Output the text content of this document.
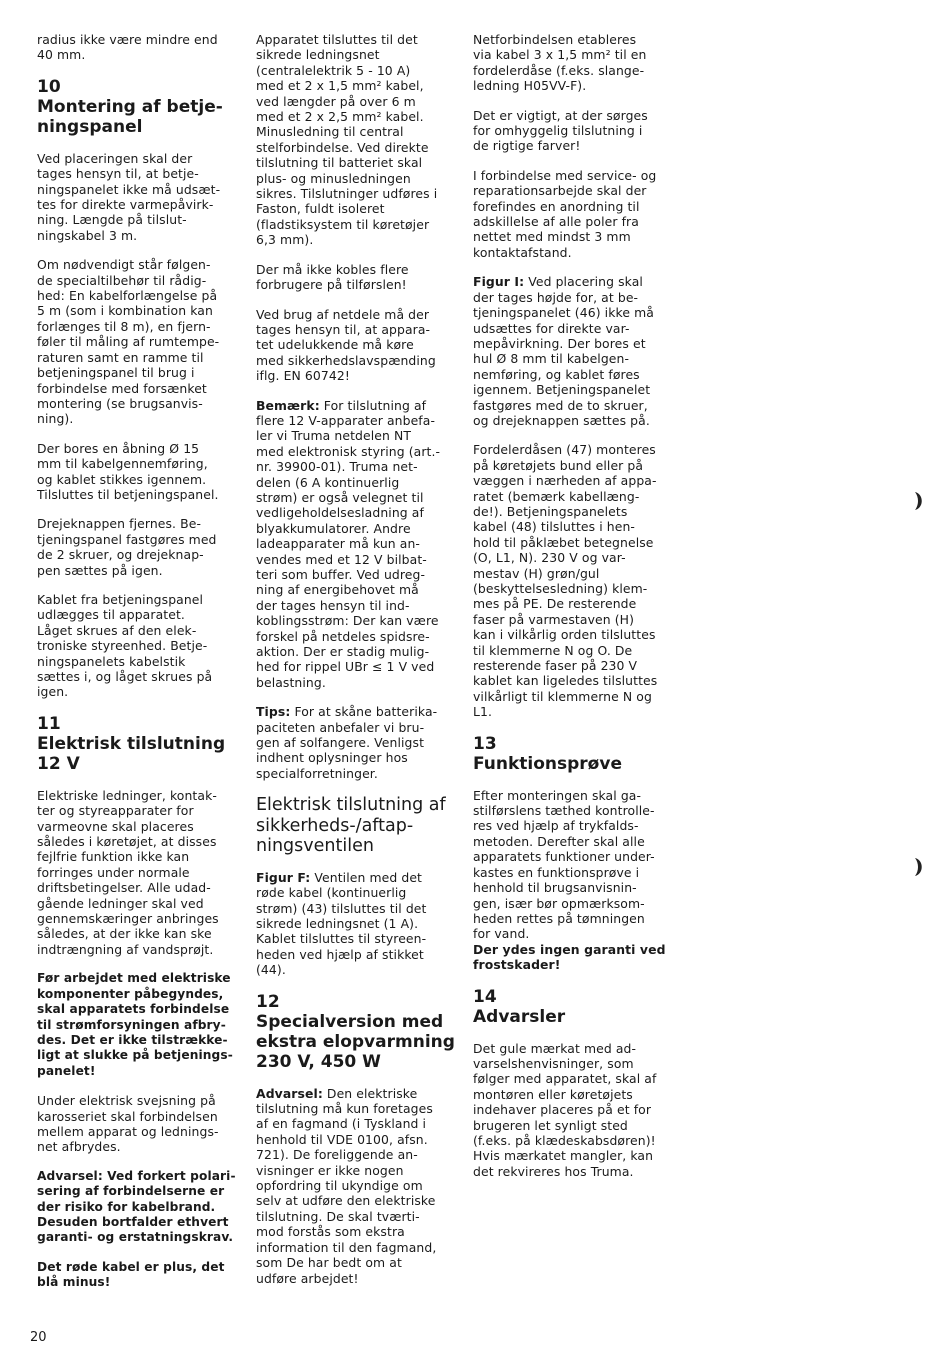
radius ikke være mindre end
40 mm.

10
Montering af betje-
ningspanel

Ved placeringen skal der
tages hensyn til, at betje-
ningspanelet ikke må udsæt-
tes for direkte varmepåvirk-
ning. Længde på tilslut-
ningskabel 3 m.

Om nødvendigt står følgen-
de specialtilbehør til rådig-
hed: En kabelforlængelse på
5 m (som i kombination kan
forlænges til 8 m), en fjern-
føler til måling af rumtempe-
raturen samt en ramme til
betjeningspanel til brug i
forbindelse med forsænket
montering (se brugsanvis-
ning).

Der bores en åbning Ø 15
mm til kabelgennemføring,
og kablet stikkes igennem.
Tilsluttes til betjeningspanel.

Drejeknappen fjernes. Be-
tjeningspanel fastgøres med
de 2 skruer, og drejeknap-
pen sættes på igen.

Kablet fra betjeningspanel
udlægges til apparatet.
Låget skrues af den elek-
troniske styreenhed. Betje-
ningspanelets kabelstik
sættes i, og låget skrues på
igen.

11
Elektrisk tilslutning
12 V

Elektriske ledninger, kontak-
ter og styreapparater for
varmeovne skal placeres
således i køretøjet, at disses
fejlfrie funktion ikke kan
forringes under normale
driftsbetingelser. Alle udad-
gående ledninger skal ved
gennemskæringer anbringes
således, at der ikke kan ske
indtrængning af vandsprøjt.

Før arbejdet med elektriske
komponenter påbegyndes,
skal apparatets forbindelse
til strømforsyningen afbry-
des. Det er ikke tilstrække-
ligt at slukke på betjenings-
panelet!

Under elektrisk svejsning på
karosseriet skal forbindelsen
mellem apparat og lednings-
net afbrydes.

Advarsel: Ved forkert polari-
sering af forbindelserne er
der risiko for kabelbrand.
Desuden bortfalder ethvert
garanti- og erstatningskrav.

Det røde kabel er plus, det
blå minus!

Apparatet tilsluttes til det
sikrede ledningsnet
(centralelektrik 5 - 10 A)
med et 2 x 1,5 mm² kabel,
ved længder på over 6 m
med et 2 x 2,5 mm² kabel.
Minusledning til central
stelforbindelse. Ved direkte
tilslutning til batteriet skal
plus- og minusledningen
sikres. Tilslutninger udføres i
Faston, fuldt isoleret
(fladstiksystem til køretøjer
6,3 mm).

Der må ikke kobles flere
forbrugere på tilførslen!

Ved brug af netdele må der
tages hensyn til, at appara-
tet udelukkende må køre
med sikkerhedslavspænding
iflg. EN 60742!

Bemærk: For tilslutning af
flere 12 V-apparater anbefa-
ler vi Truma netdelen NT
med elektronisk styring (art.-
nr. 39900-01). Truma net-
delen (6 A kontinuerlig
strøm) er også velegnet til
vedligeholdelsesladning af
blyakkumulatorer. Andre
ladeapparater må kun an-
vendes med et 12 V bilbat-
teri som buffer. Ved udreg-
ning af energibehovet må
der tages hensyn til ind-
koblingsstrøm: Der kan være
forskel på netdeles spidsre-
aktion. Der er stadig mulig-
hed for rippel UBr ≤ 1 V ved
belastning.

Tips: For at skåne batterika-
paciteten anbefaler vi bru-
gen af solfangere. Venligst
indhent oplysninger hos
specialforretninger.

Elektrisk tilslutning af
sikkerheds-/aftap-
ningsventilen

Figur F: Ventilen med det
røde kabel (kontinuerlig
strøm) (43) tilsluttes til det
sikrede ledningsnet (1 A).
Kablet tilsluttes til styreen-
heden ved hjælp af stikket
(44).

12
Specialversion med
ekstra elopvarmning
230 V, 450 W

Advarsel: Den elektriske
tilslutning må kun foretages
af en fagmand (i Tyskland i
henhold til VDE 0100, afsn.
721). De foreliggende an-
visninger er ikke nogen
opfordring til ukyndige om
selv at udføre den elektriske
tilslutning. De skal tværti-
mod forstås som ekstra
information til den fagmand,
som De har bedt om at
udføre arbejdet!

Netforbindelsen etableres
via kabel 3 x 1,5 mm² til en
fordelerdåse (f.eks. slange-
ledning H05VV-F).

Det er vigtigt, at der sørges
for omhyggelig tilslutning i
de rigtige farver!

I forbindelse med service- og
reparationsarbejde skal der
forefindes en anordning til
adskillelse af alle poler fra
nettet med mindst 3 mm
kontaktafstand.

Figur I: Ved placering skal
der tages højde for, at be-
tjeningspanelet (46) ikke må
udsættes for direkte var-
mepåvirkning. Der bores et
hul Ø 8 mm til kabelgen-
nemføring, og kablet føres
igennem. Betjeningspanelet
fastgøres med de to skruer,
og drejeknappen sættes på.

Fordelerdåsen (47) monteres
på køretøjets bund eller på
væggen i nærheden af appa-
ratet (bemærk kabellæng-
de!). Betjeningspanelets
kabel (48) tilsluttes i hen-
hold til påklæbet betegnelse
(O, L1, N). 230 V og var-
mestav (H) grøn/gul
(beskyttelsesledning) klem-
mes på PE. De resterende
faser på varmestaven (H)
kan i vilkårlig orden tilsluttes
til klemmerne N og O. De
resterende faser på 230 V
kablet kan ligeledes tilsluttes
vilkårligt til klemmerne N og
L1.

13
Funktionsprøve

Efter monteringen skal ga-
stilførslens tæthed kontrolle-
res ved hjælp af trykfalds-
metoden. Derefter skal alle
apparatets funktioner under-
kastes en funktionsprøve i
henhold til brugsanvisnin-
gen, især bør opmærksom-
heden rettes på tømningen
for vand.
Der ydes ingen garanti ved
frostskader!

14
Advarsler

Det gule mærkat med ad-
varselshenvisninger, som
følger med apparatet, skal af
montøren eller køretøjets
indehaver placeres på et for
brugeren let synligt sted
(f.eks. på klædeskabsdøren)!
Hvis mærkatet mangler, kan
det rekvireres hos Truma.

20
